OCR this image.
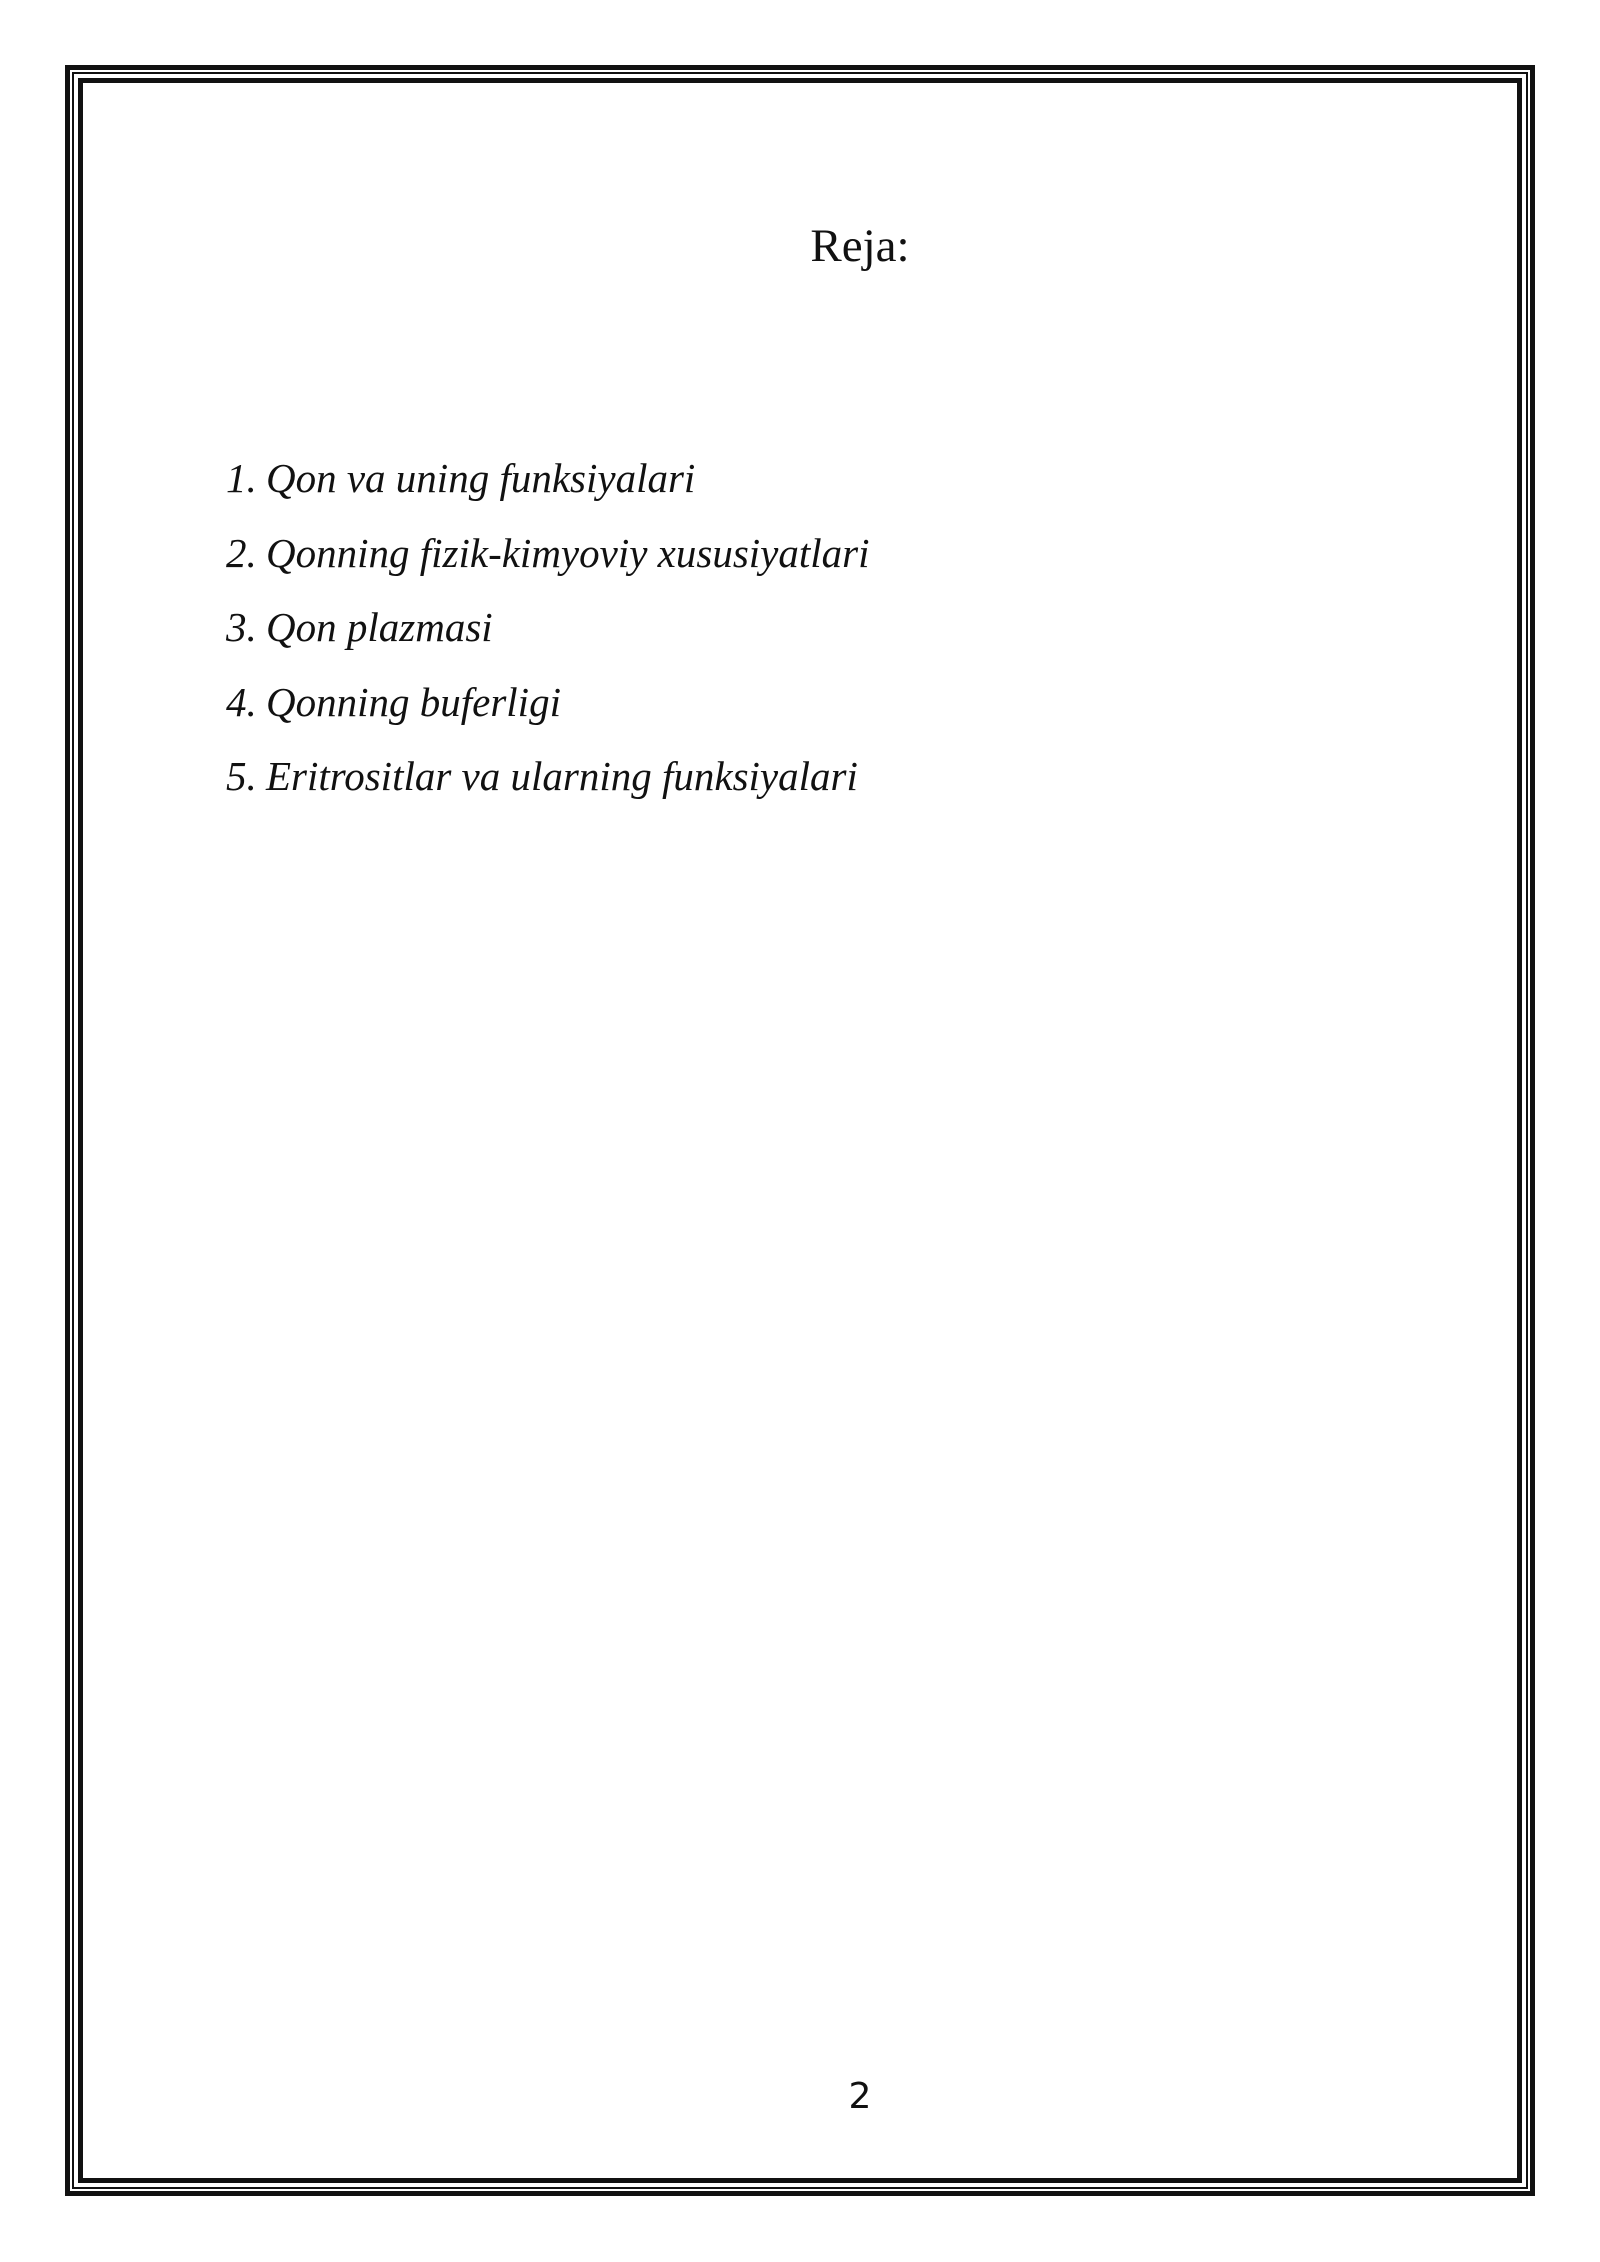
Reja:
1. Qon va uning funksiyalari
2. Qonning fizik-kimyoviy xususiyatlari
3. Qon plazmasi
4. Qonning buferligi
5. Eritrositlar va ularning funksiyalari
2
